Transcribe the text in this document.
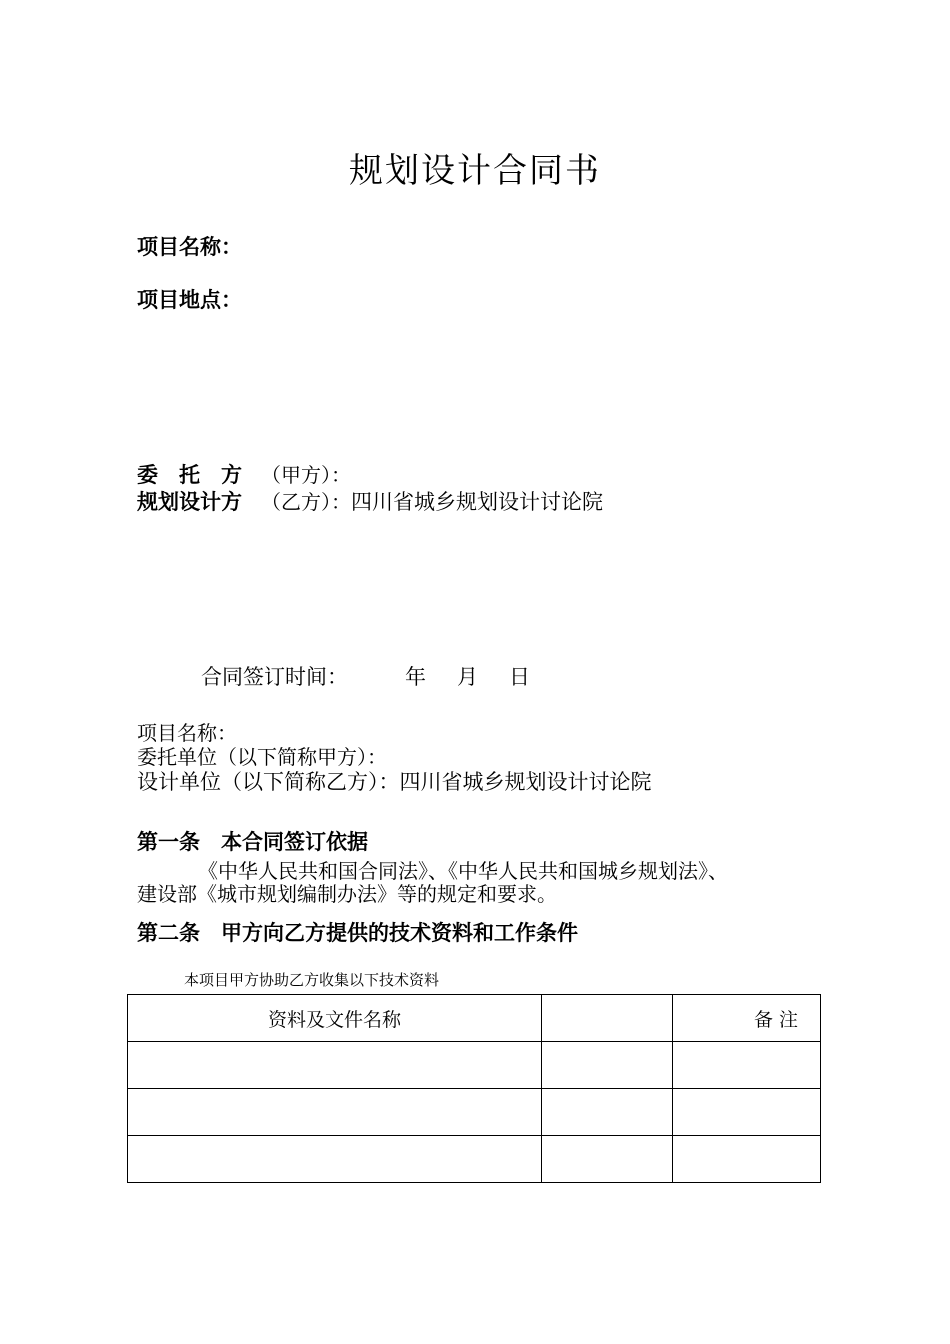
规划设计合同书
项目名称：
项目地点：
委　托　方 （甲方）：
规划设计方 （乙方）：四川省城乡规划设计讨论院
合同签订时间：	年 月 日
项目名称：
委托单位（以下简称甲方）：
设计单位（以下简称乙方）：四川省城乡规划设计讨论院
第一条　本合同签订依据
《中华人民共和国合同法》、《中华人民共和国城乡规划法》、
建设部《城市规划编制办法》等的规定和要求。
第二条　甲方向乙方提供的技术资料和工作条件
本项目甲方协助乙方收集以下技术资料
资料及文件名称		备 注
